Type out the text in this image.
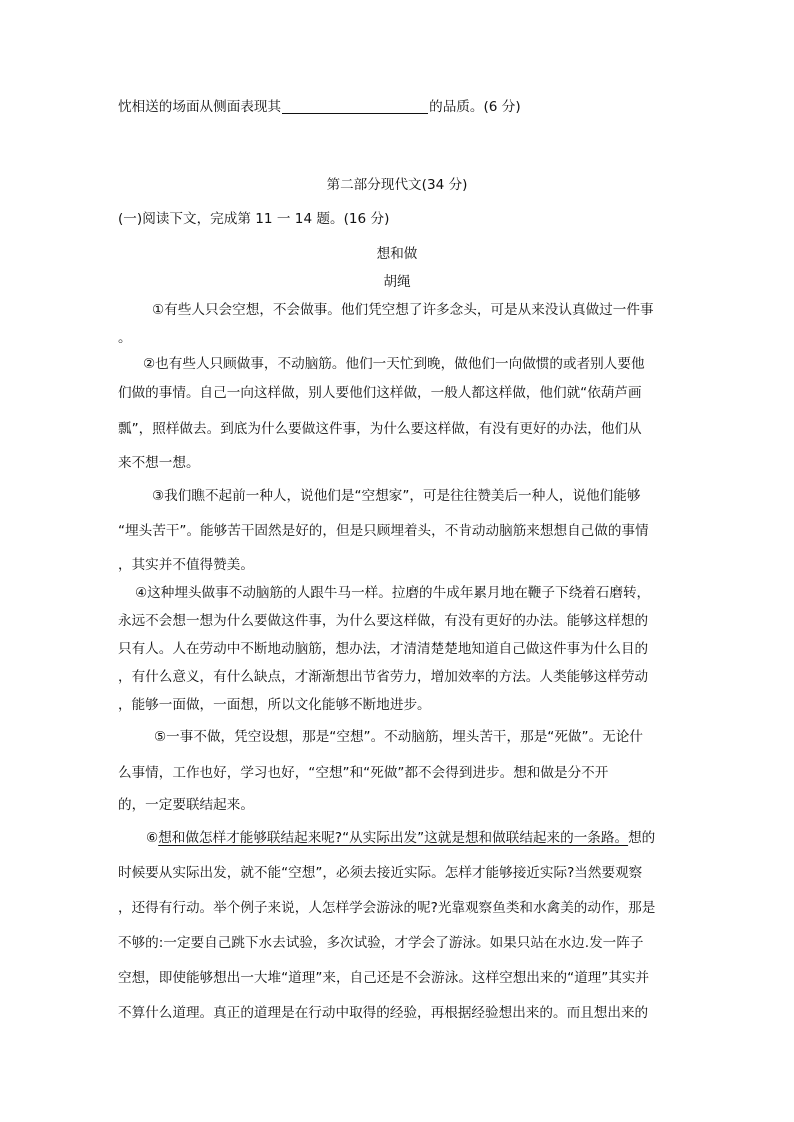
忱相送的场面从侧面表现其	的品质。(6 分)
第二部分现代文(34 分)
(一)阅读下文，完成第 11 一 14 题。(16 分)
想和做
胡绳
①有些人只会空想，不会做事。他们凭空想了许多念头，可是从来没认真做过一件事
。
②也有些人只顾做事，不动脑筋。他们一天忙到晚，做他们一向做惯的或者别人要他
们做的事情。自己一向这样做，别人要他们这样做，一般人都这样做，他们就“依葫芦画
瓢”，照样做去。到底为什么要做这件事，为什么要这样做，有没有更好的办法，他们从
来不想一想。
③我们瞧不起前一种人，说他们是“空想家”，可是往往赞美后一种人，说他们能够
“埋头苦干”。能够苦干固然是好的，但是只顾埋着头，不肯动动脑筋来想想自己做的事情
，其实并不值得赞美。
④这种埋头做事不动脑筋的人跟牛马一样。拉磨的牛成年累月地在鞭子下绕着石磨转，
永远不会想一想为什么要做这件事，为什么要这样做，有没有更好的办法。能够这样想的
只有人。人在劳动中不断地动脑筋，想办法，才清清楚楚地知道自己做这件事为什么目的
，有什么意义，有什么缺点，才渐渐想出节省劳力，增加效率的方法。人类能够这样劳动
，能够一面做，一面想，所以文化能够不断地进步。
⑤一事不做，凭空设想，那是“空想”。不动脑筋，埋头苦干，那是“死做”。无论什
么事情，工作也好，学习也好，“空想”和“死做”都不会得到进步。想和做是分不开
的，一定要联结起来。
⑥想和做怎样才能够联结起来呢?“从实际出发”这就是想和做联结起来的一条路。想的
时候要从实际出发，就不能“空想”，必须去接近实际。怎样才能够接近实际?当然要观察
，还得有行动。举个例子来说，人怎样学会游泳的呢?光靠观察鱼类和水禽美的动作，那是
不够的:一定要自己跳下水去试验，多次试验，才学会了游泳。如果只站在水边.发一阵子
空想，即使能够想出一大堆“道理”来，自己还是不会游泳。这样空想出来的“道理”其实并
不算什么道理。真正的道理是在行动中取得的经验，再根据经验想出来的。而且想出来的
